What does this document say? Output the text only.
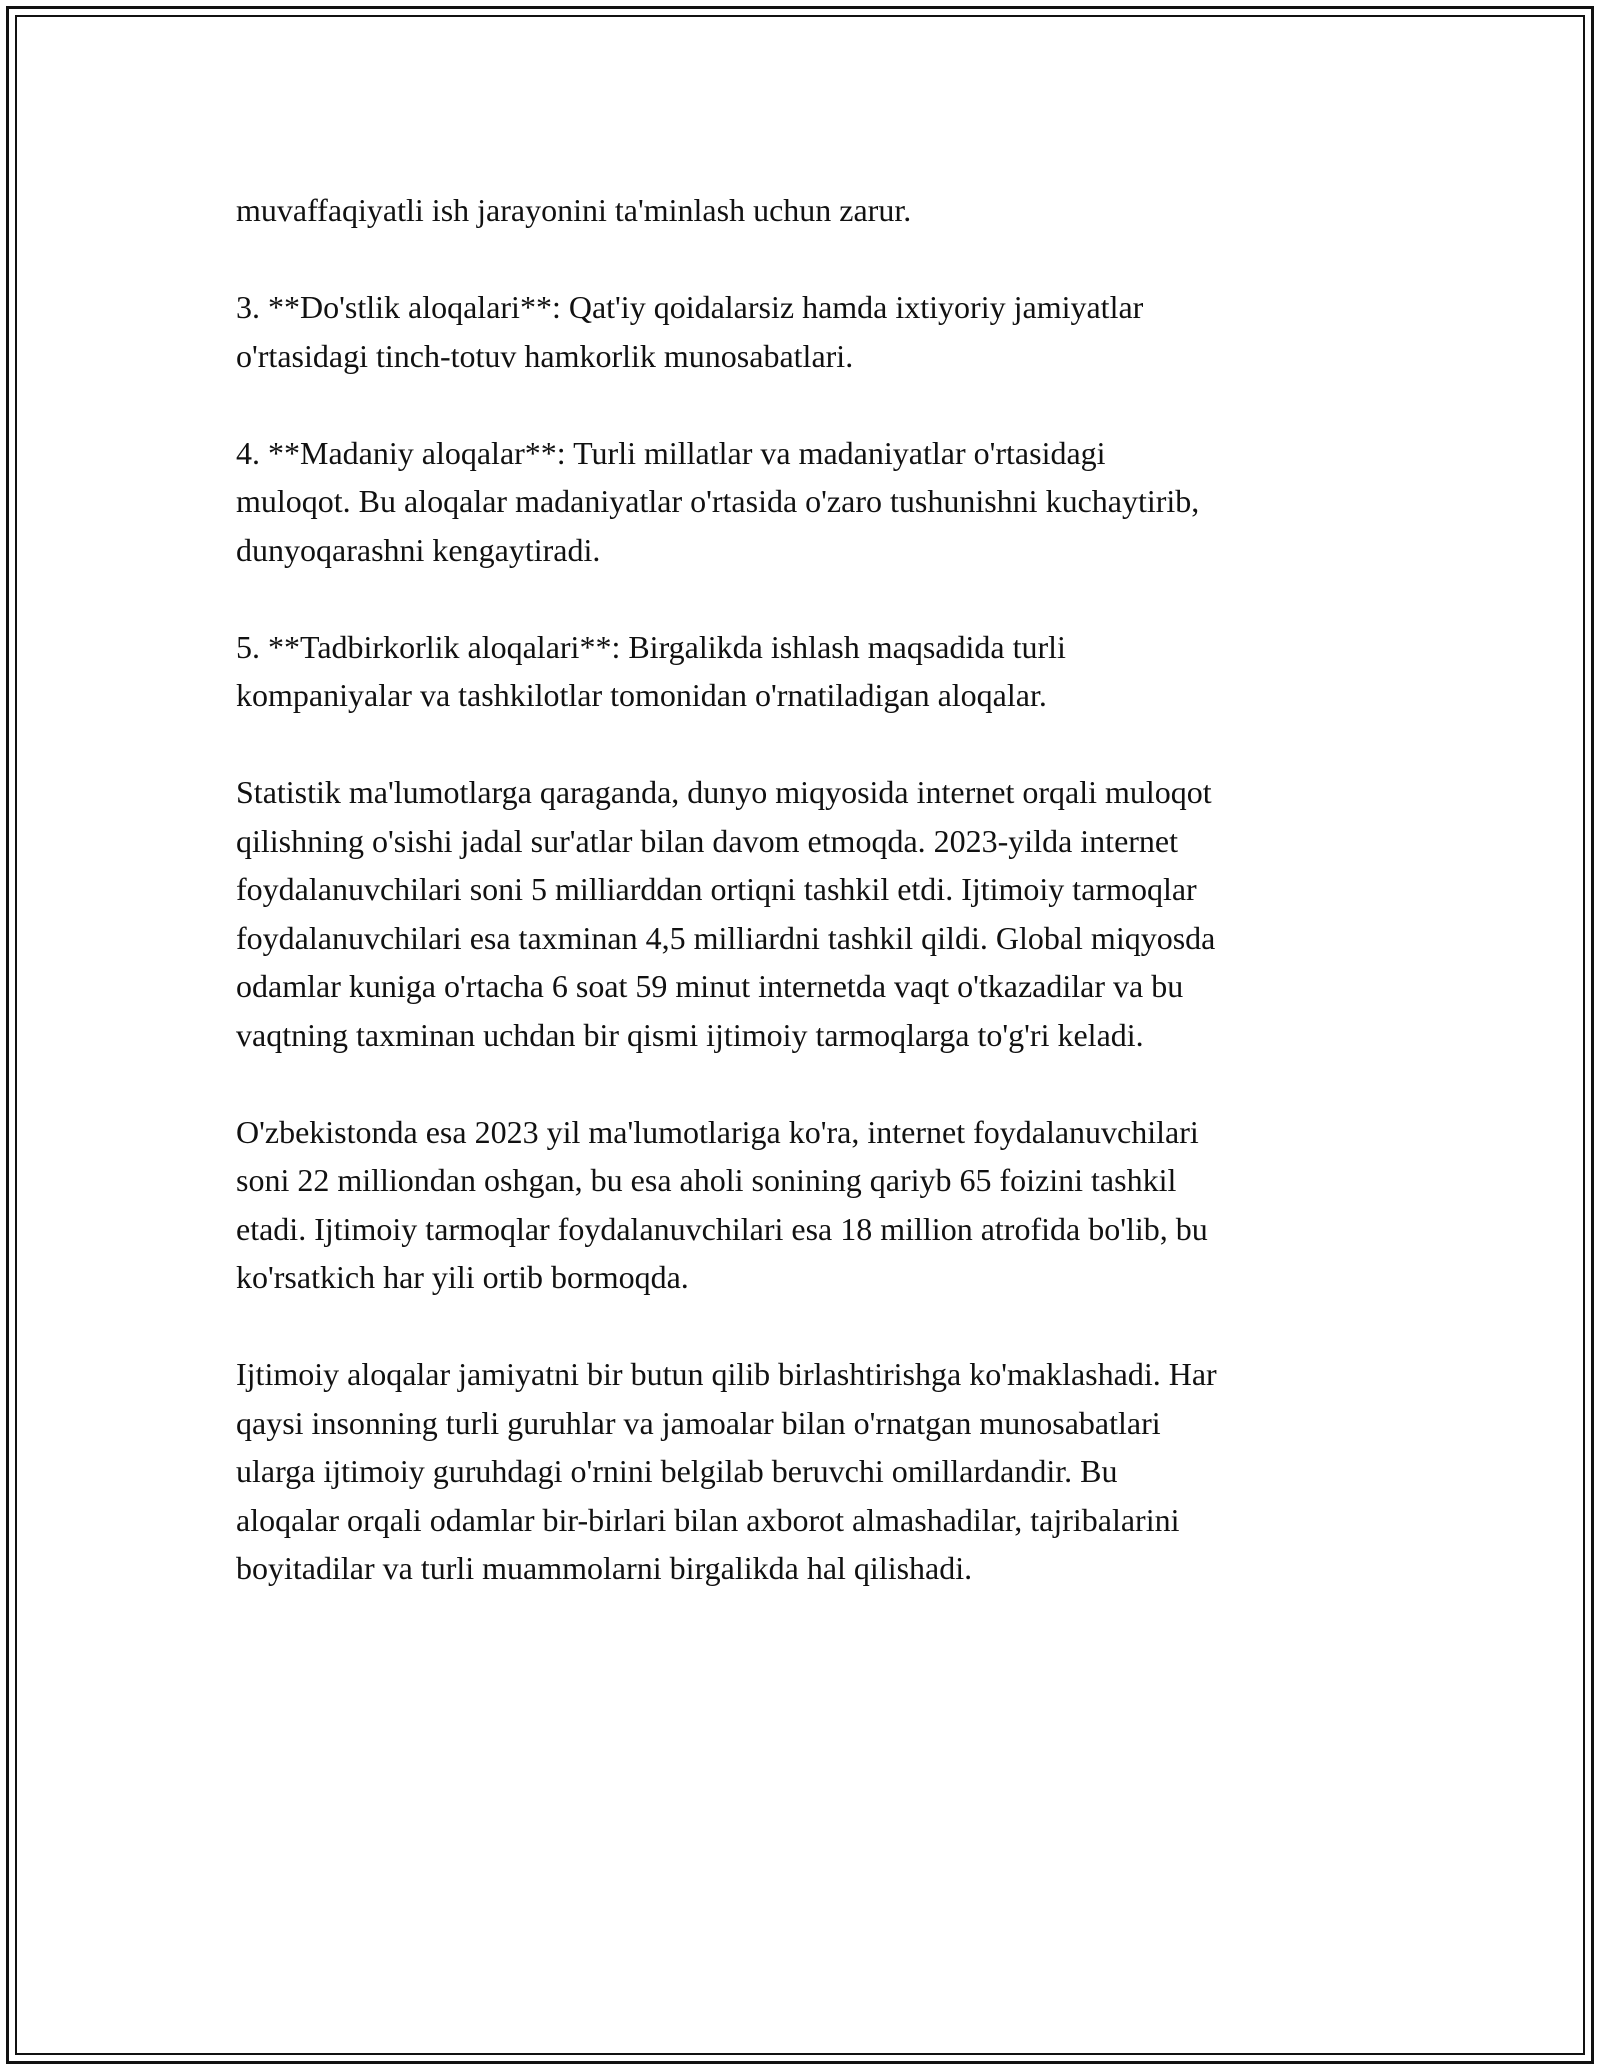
muvaffaqiyatli ish jarayonini ta'minlash uchun zarur.

3. **Do'stlik aloqalari**: Qat'iy qoidalarsiz hamda ixtiyoriy jamiyatlar
o'rtasidagi tinch-totuv hamkorlik munosabatlari.

4. **Madaniy aloqalar**: Turli millatlar va madaniyatlar o'rtasidagi
muloqot. Bu aloqalar madaniyatlar o'rtasida o'zaro tushunishni kuchaytirib,
dunyoqarashni kengaytiradi.

5. **Tadbirkorlik aloqalari**: Birgalikda ishlash maqsadida turli
kompaniyalar va tashkilotlar tomonidan o'rnatiladigan aloqalar.

Statistik ma'lumotlarga qaraganda, dunyo miqyosida internet orqali muloqot
qilishning o'sishi jadal sur'atlar bilan davom etmoqda. 2023-yilda internet
foydalanuvchilari soni 5 milliarddan ortiqni tashkil etdi. Ijtimoiy tarmoqlar
foydalanuvchilari esa taxminan 4,5 milliardni tashkil qildi. Global miqyosda
odamlar kuniga o'rtacha 6 soat 59 minut internetda vaqt o'tkazadilar va bu
vaqtning taxminan uchdan bir qismi ijtimoiy tarmoqlarga to'g'ri keladi.

O'zbekistonda esa 2023 yil ma'lumotlariga ko'ra, internet foydalanuvchilari
soni 22 milliondan oshgan, bu esa aholi sonining qariyb 65 foizini tashkil
etadi. Ijtimoiy tarmoqlar foydalanuvchilari esa 18 million atrofida bo'lib, bu
ko'rsatkich har yili ortib bormoqda.

Ijtimoiy aloqalar jamiyatni bir butun qilib birlashtirishga ko'maklashadi. Har
qaysi insonning turli guruhlar va jamoalar bilan o'rnatgan munosabatlari
ularga ijtimoiy guruhdagi o'rnini belgilab beruvchi omillardandir. Bu
aloqalar orqali odamlar bir-birlari bilan axborot almashadilar, tajribalarini
boyitadilar va turli muammolarni birgalikda hal qilishadi.
